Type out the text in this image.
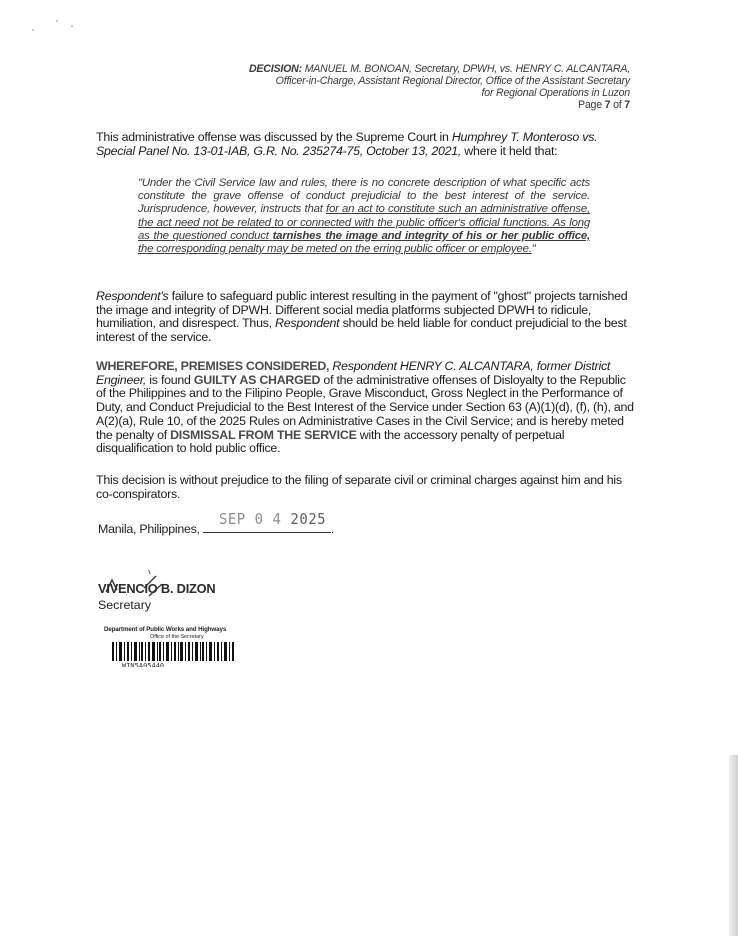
DECISION: MANUEL M. BONOAN, Secretary, DPWH, vs. HENRY C. ALCANTARA,
Officer-in-Charge, Assistant Regional Director, Office of the Assistant Secretary
for Regional Operations in Luzon
Page 7 of 7
This administrative offense was discussed by the Supreme Court in Humphrey T. Monteroso vs. Special Panel No. 13-01-IAB, G.R. No. 235274-75, October 13, 2021, where it held that:
"Under the Civil Service law and rules, there is no concrete description of what specific acts constitute the grave offense of conduct prejudicial to the best interest of the service. Jurisprudence, however, instructs that for an act to constitute such an administrative offense, the act need not be related to or connected with the public officer's official functions. As long as the questioned conduct tarnishes the image and integrity of his or her public office, the corresponding penalty may be meted on the erring public officer or employee."
Respondent's failure to safeguard public interest resulting in the payment of "ghost" projects tarnished the image and integrity of DPWH. Different social media platforms subjected DPWH to ridicule, humiliation, and disrespect. Thus, Respondent should be held liable for conduct prejudicial to the best interest of the service.
WHEREFORE, PREMISES CONSIDERED, Respondent HENRY C. ALCANTARA, former District Engineer, is found GUILTY AS CHARGED of the administrative offenses of Disloyalty to the Republic of the Philippines and to the Filipino People, Grave Misconduct, Gross Neglect in the Performance of Duty, and Conduct Prejudicial to the Best Interest of the Service under Section 63 (A)(1)(d), (f), (h), and A(2)(a), Rule 10, of the 2025 Rules on Administrative Cases in the Civil Service; and is hereby meted the penalty of DISMISSAL FROM THE SERVICE with the accessory penalty of perpetual disqualification to hold public office.
This decision is without prejudice to the filing of separate civil or criminal charges against him and his co-conspirators.
Manila, Philippines,
SEP 0 4 2025
.
VIVENCIO B. DIZON
Secretary
Department of Public Works and Highways
Office of the Secretary
WIN5A05440
